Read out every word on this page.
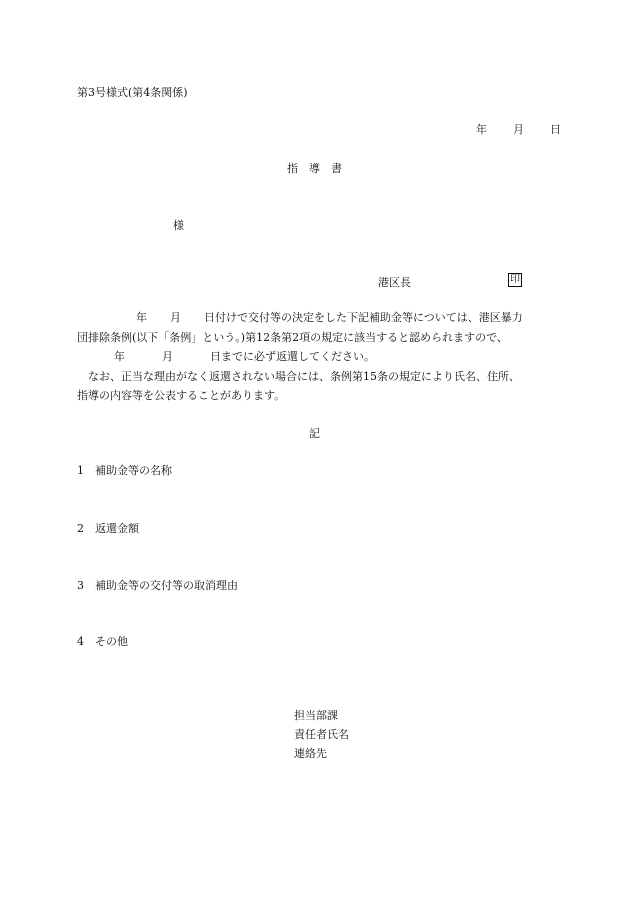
第3号様式(第4条関係)
年 月 日
指　導　書
様
港区長	印
年 月 日付けで交付等の決定をした下記補助金等については、港区暴力
団排除条例(以下「条例」という。)第12条第2項の規定に該当すると認められますので、
年	月	日までに必ず返還してください。
　なお、正当な理由がなく返還されない場合には、条例第15条の規定により氏名、住所、
指導の内容等を公表することがあります。
記
1 補助金等の名称
2 返還金額
3 補助金等の交付等の取消理由
4 その他
担当部課
責任者氏名
連絡先
